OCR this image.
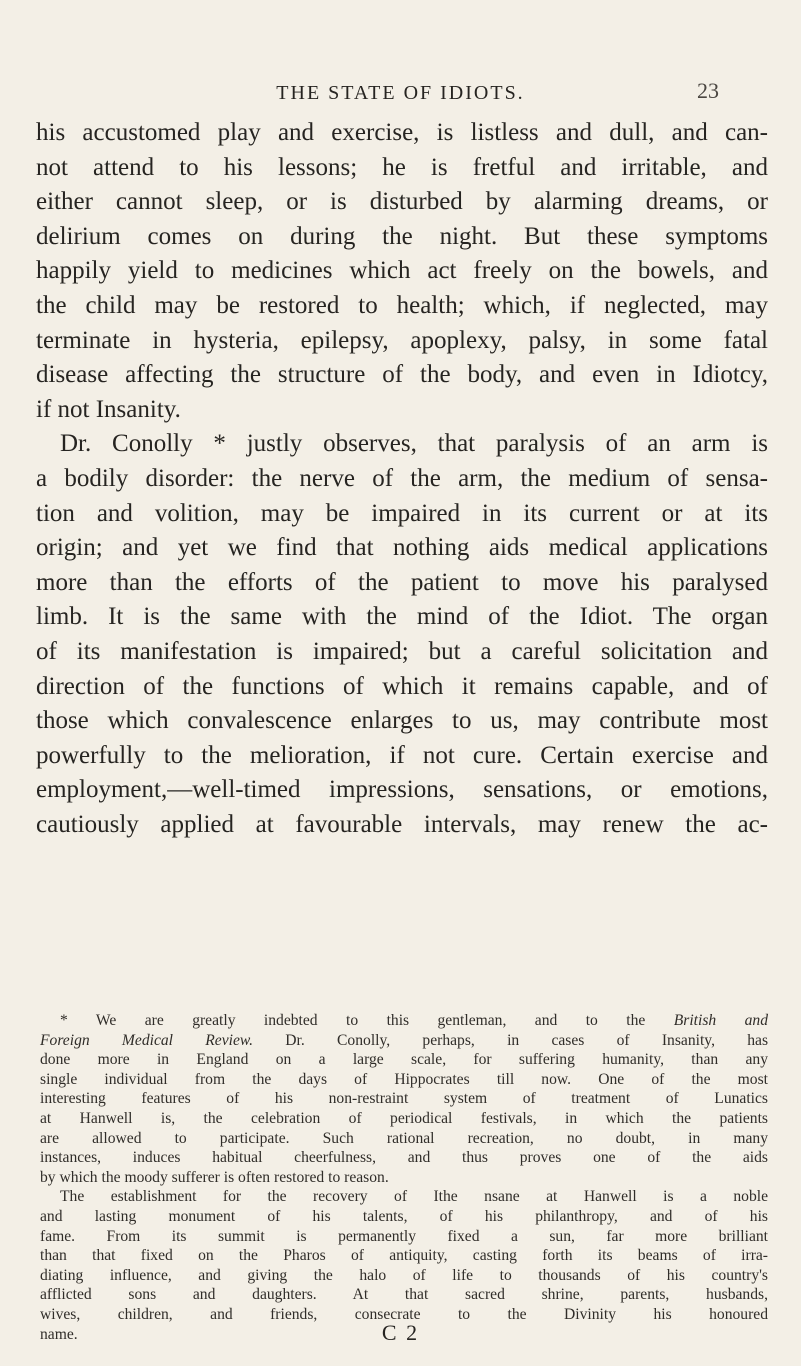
THE STATE OF IDIOTS.	23
his accustomed play and exercise, is listless and dull, and can-
not attend to his lessons; he is fretful and irritable, and
either cannot sleep, or is disturbed by alarming dreams, or
delirium comes on during the night. But these symptoms
happily yield to medicines which act freely on the bowels, and
the child may be restored to health; which, if neglected, may
terminate in hysteria, epilepsy, apoplexy, palsy, in some fatal
disease affecting the structure of the body, and even in Idiotcy,
if not Insanity.
Dr. Conolly * justly observes, that paralysis of an arm is
a bodily disorder: the nerve of the arm, the medium of sensa-
tion and volition, may be impaired in its current or at its
origin; and yet we find that nothing aids medical applications
more than the efforts of the patient to move his paralysed
limb. It is the same with the mind of the Idiot. The organ
of its manifestation is impaired; but a careful solicitation and
direction of the functions of which it remains capable, and of
those which convalescence enlarges to us, may contribute most
powerfully to the melioration, if not cure. Certain exercise and
employment,—well-timed impressions, sensations, or emotions,
cautiously applied at favourable intervals, may renew the ac-
* We are greatly indebted to this gentleman, and to the British and
Foreign Medical Review. Dr. Conolly, perhaps, in cases of Insanity, has
done more in England on a large scale, for suffering humanity, than any
single individual from the days of Hippocrates till now. One of the most
interesting features of his non-restraint system of treatment of Lunatics
at Hanwell is, the celebration of periodical festivals, in which the patients
are allowed to participate. Such rational recreation, no doubt, in many
instances, induces habitual cheerfulness, and thus proves one of the aids
by which the moody sufferer is often restored to reason.
The establishment for the recovery of Ithe nsane at Hanwell is a noble
and lasting monument of his talents, of his philanthropy, and of his
fame. From its summit is permanently fixed a sun, far more brilliant
than that fixed on the Pharos of antiquity, casting forth its beams of irra-
diating influence, and giving the halo of life to thousands of his country's
afflicted sons and daughters. At that sacred shrine, parents, husbands,
wives, children, and friends, consecrate to the Divinity his honoured
name.	C 2
